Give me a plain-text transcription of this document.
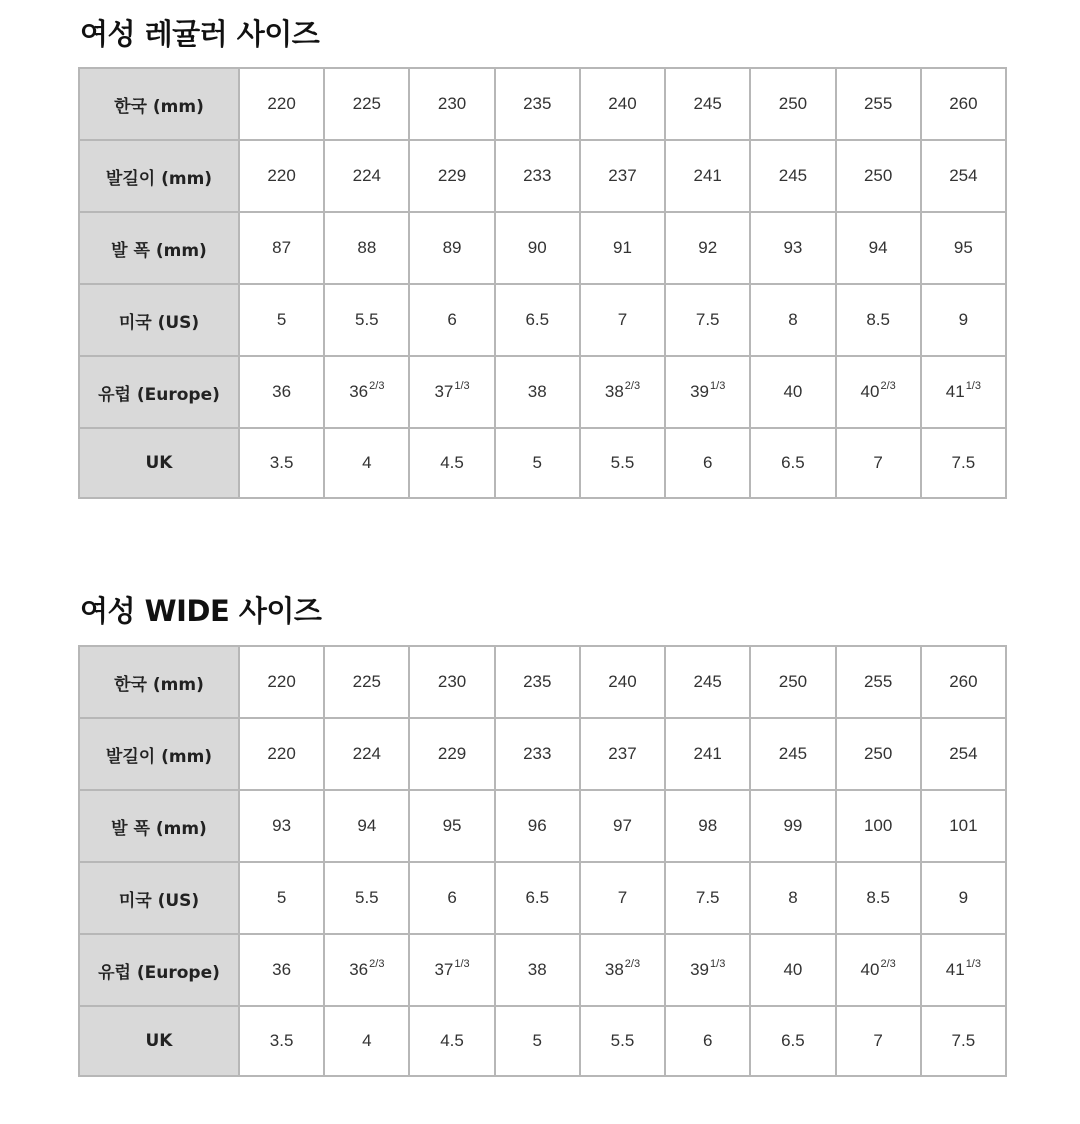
여성 레귤러 사이즈
한국 (mm)	220	225	230	235	240	245	250	255	260
발길이 (mm)	220	224	229	233	237	241	245	250	254
발 폭 (mm)	87	88	89	90	91	92	93	94	95
미국 (US)	5	5.5	6	6.5	7	7.5	8	8.5	9
유럽 (Europe)	36	$36^{2/3}$	$37^{1/3}$	38	$38^{2/3}$	$39^{1/3}$	40	$40^{2/3}$	$41^{1/3}$
UK	3.5	4	4.5	5	5.5	6	6.5	7	7.5
여성 WIDE 사이즈
한국 (mm)	220	225	230	235	240	245	250	255	260
발길이 (mm)	220	224	229	233	237	241	245	250	254
발 폭 (mm)	93	94	95	96	97	98	99	100	101
미국 (US)	5	5.5	6	6.5	7	7.5	8	8.5	9
유럽 (Europe)	36	$36^{2/3}$	$37^{1/3}$	38	$38^{2/3}$	$39^{1/3}$	40	$40^{2/3}$	$41^{1/3}$
UK	3.5	4	4.5	5	5.5	6	6.5	7	7.5
